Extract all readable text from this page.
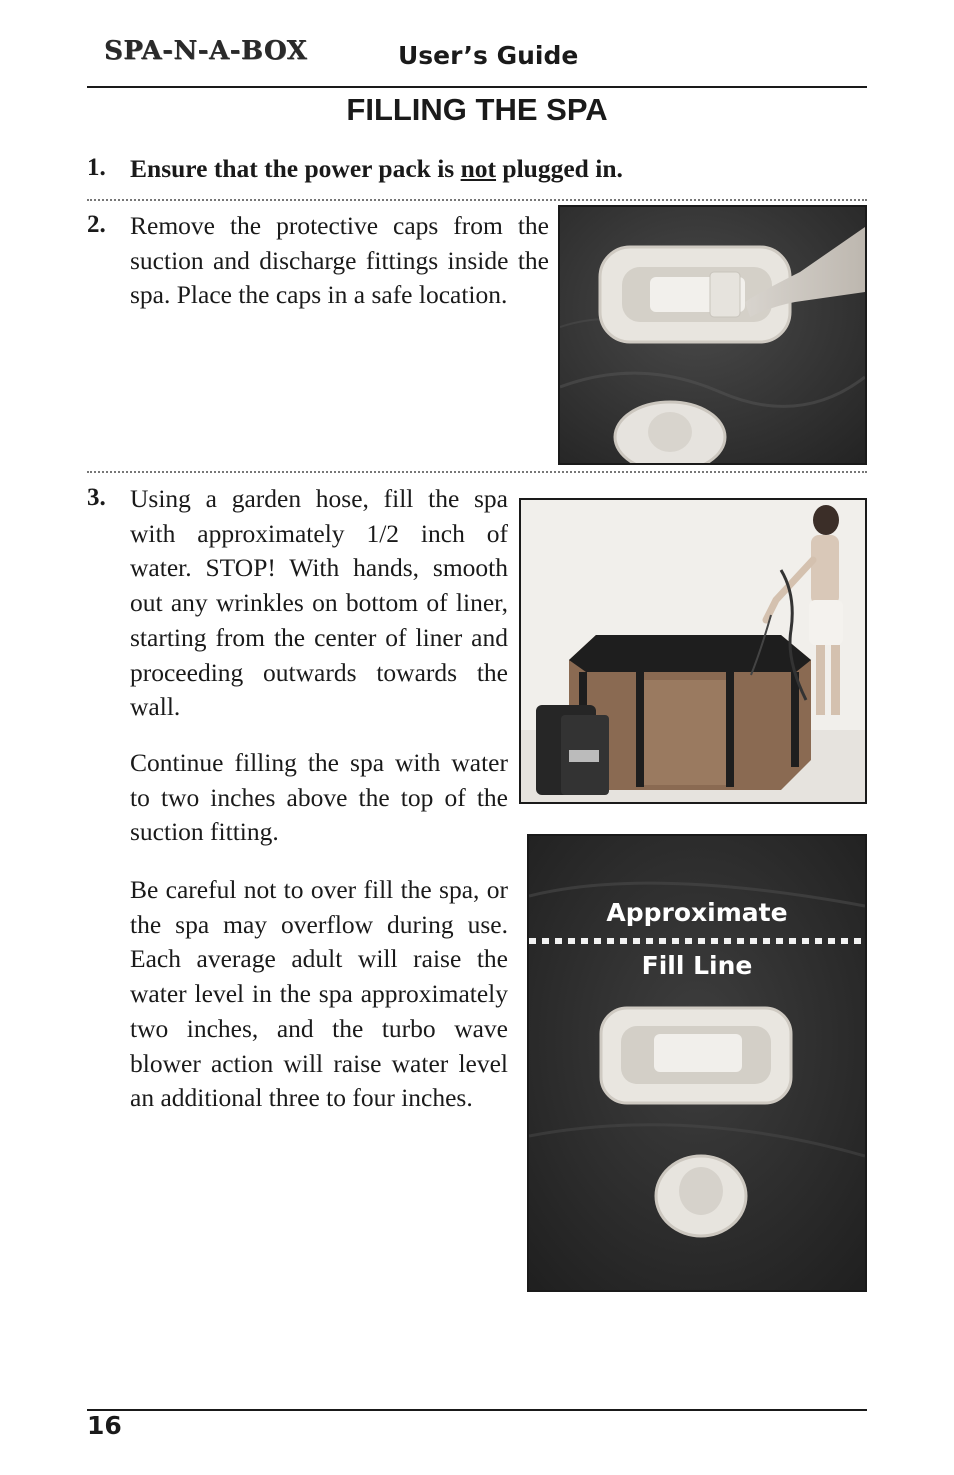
SPA-N-A-BOX	User’s Guide
FILLING THE SPA
1. Ensure that the power pack is not plugged in.
2. Remove the protective caps from the suction and discharge fittings inside the spa. Place the caps in a safe location.
3. Using a garden hose, fill the spa with approximately 1/2 inch of water. STOP! With hands, smooth out any wrinkles on bottom of liner, starting from the center of liner and proceeding outwards towards the wall.
Continue filling the spa with water to two inches above the top of the suction fitting.
Be careful not to over fill the spa, or the spa may overflow during use. Each average adult will raise the water level in the spa approximately two inches, and the turbo wave blower action will raise water level an additional three to four inches.
Approximate
Fill Line
16
